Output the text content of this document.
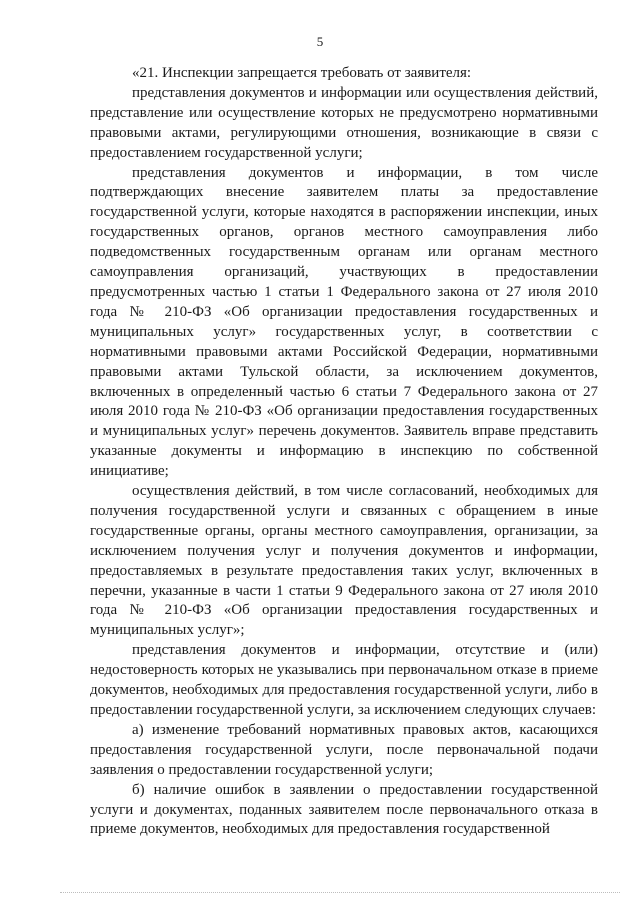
5

«21. Инспекции запрещается требовать от заявителя:

представления документов и информации или осуществления действий, представление или осуществление которых не предусмотрено нормативными правовыми актами, регулирующими отношения, возникающие в связи с предоставлением государственной услуги;

представления документов и информации, в том числе подтверждающих внесение заявителем платы за предоставление государственной услуги, которые находятся в распоряжении инспекции, иных государственных органов, органов местного самоуправления либо подведомственных государственным органам или органам местного самоуправления организаций, участвующих в предоставлении предусмотренных частью 1 статьи 1 Федерального закона от 27 июля 2010 года № 210-ФЗ «Об организации предоставления государственных и муниципальных услуг» государственных услуг, в соответствии с нормативными правовыми актами Российской Федерации, нормативными правовыми актами Тульской области, за исключением документов, включенных в определенный частью 6 статьи 7 Федерального закона от 27 июля 2010 года № 210-ФЗ «Об организации предоставления государственных и муниципальных услуг» перечень документов. Заявитель вправе представить указанные документы и информацию в инспекцию по собственной инициативе;

осуществления действий, в том числе согласований, необходимых для получения государственной услуги и связанных с обращением в иные государственные органы, органы местного самоуправления, организации, за исключением получения услуг и получения документов и информации, предоставляемых в результате предоставления таких услуг, включенных в перечни, указанные в части 1 статьи 9 Федерального закона от 27 июля 2010 года № 210-ФЗ «Об организации предоставления государственных и муниципальных услуг»;

представления документов и информации, отсутствие и (или) недостоверность которых не указывались при первоначальном отказе в приеме документов, необходимых для предоставления государственной услуги, либо в предоставлении государственной услуги, за исключением следующих случаев:

а) изменение требований нормативных правовых актов, касающихся предоставления государственной услуги, после первоначальной подачи заявления о предоставлении государственной услуги;

б) наличие ошибок в заявлении о предоставлении государственной услуги и документах, поданных заявителем после первоначального отказа в приеме документов, необходимых для предоставления государственной
